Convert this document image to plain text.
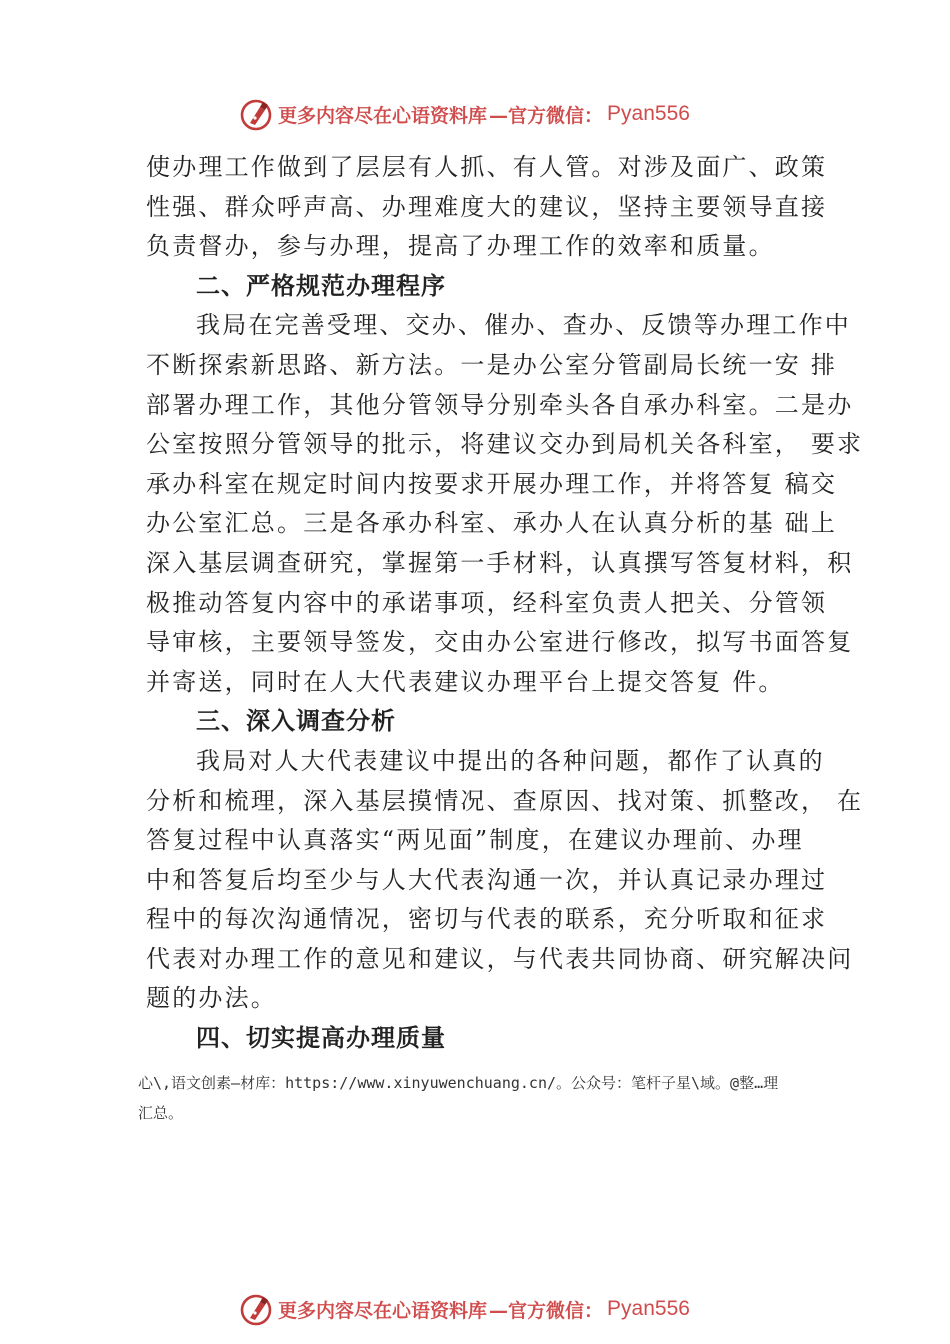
更多内容尽在心语资料库 —官方微信： Pyan556
使办理工作做到了层层有人抓、有人管。对涉及面广、政策
性强、群众呼声高、办理难度大的建议，坚持主要领导直接
负责督办，参与办理，提高了办理工作的效率和质量。
二、严格规范办理程序
我局在完善受理、交办、催办、查办、反馈等办理工作中
不断探索新思路、新方法。一是办公室分管副局长统一安 排
部署办理工作，其他分管领导分别牵头各自承办科室。二是办
公室按照分管领导的批示，将建议交办到局机关各科室， 要求
承办科室在规定时间内按要求开展办理工作，并将答复 稿交
办公室汇总。三是各承办科室、承办人在认真分析的基 础上
深入基层调查研究，掌握第一手材料，认真撰写答复材料，积
极推动答复内容中的承诺事项，经科室负责人把关、分管领
导审核，主要领导签发，交由办公室进行修改，拟写书面答复
并寄送，同时在人大代表建议办理平台上提交答复 件。
三、深入调查分析
我局对人大代表建议中提出的各种问题，都作了认真的
分析和梳理，深入基层摸情况、查原因、找对策、抓整改， 在
答复过程中认真落实“两见面”制度，在建议办理前、办理
中和答复后均至少与人大代表沟通一次，并认真记录办理过
程中的每次沟通情况，密切与代表的联系，充分听取和征求
代表对办理工作的意见和建议，与代表共同协商、研究解决问
题的办法。
四、切实提高办理质量
心\,语文创素—材库：https://www.xinyuwenchuang.cn/。公众号：笔杆子星\域。@整…理
汇总。
更多内容尽在心语资料库 —官方微信： Pyan556
